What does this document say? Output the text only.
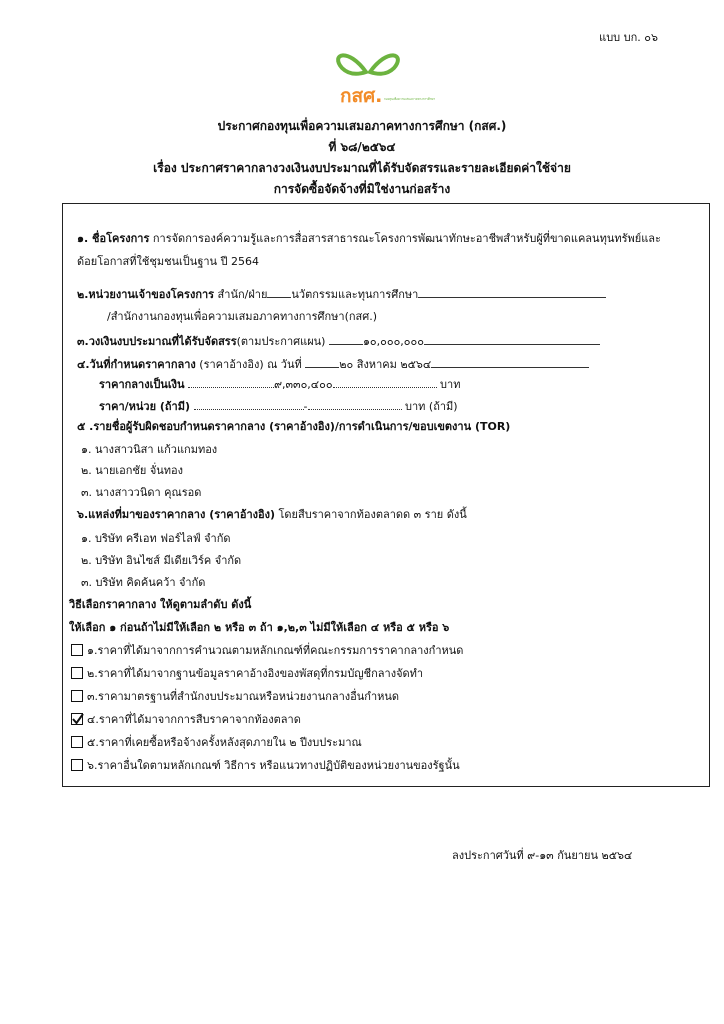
แบบ บก. ๐๖
กสศ. กองทุนเพื่อความเสมอภาคทางการศึกษา
ประกาศกองทุนเพื่อความเสมอภาคทางการศึกษา (กสศ.)
ที่ ๖๘/๒๕๖๔
เรื่อง ประกาศราคากลางวงเงินงบประมาณที่ได้รับจัดสรรและรายละเอียดค่าใช้จ่าย
การจัดซื้อจัดจ้างที่มิใช่งานก่อสร้าง
๑. ชื่อโครงการ การจัดการองค์ความรู้และการสื่อสารสาธารณะโครงการพัฒนาทักษะอาชีพสำหรับผู้ที่ขาดแคลนทุนทรัพย์และ
ด้อยโอกาสที่ใช้ชุมชนเป็นฐาน ปี 2564
๒.หน่วยงานเจ้าของโครงการ สำนัก/ฝ่าย นวัตกรรมและทุนการศึกษา
/สำนักงานกองทุนเพื่อความเสมอภาคทางการศึกษา(กสศ.)
๓.วงเงินงบประมาณที่ได้รับจัดสรร(ตามประกาศแผน)	๑๐,๐๐๐,๐๐๐
๔.วันที่กำหนดราคากลาง (ราคาอ้างอิง) ณ วันที่	๒๐ สิงหาคม ๒๕๖๔
ราคากลางเป็นเงิน	๙,๓๓๐,๔๐๐	บาท
ราคา/หน่วย (ถ้ามี)	-	บาท (ถ้ามี)
๕ .รายชื่อผู้รับผิดชอบกำหนดราคากลาง (ราคาอ้างอิง)/การดำเนินการ/ขอบเขตงาน (TOR)
๑. นางสาวนิสา แก้วแกมทอง
๒. นายเอกชัย จั่นทอง
๓. นางสาววนิดา คุณรอด
๖.แหล่งที่มาของราคากลาง (ราคาอ้างอิง) โดยสืบราคาจากท้องตลาดด ๓ ราย ดังนี้
๑. บริษัท ครีเอท ฟอร์ไลฟ์ จำกัด
๒. บริษัท อินไซส์ มีเดียเวิร์ค จำกัด
๓. บริษัท คิดค้นคว้า จำกัด
วิธีเลือกราคากลาง ให้ดูตามลำดับ ดังนี้
ให้เลือก ๑ ก่อนถ้าไม่มีให้เลือก ๒ หรือ ๓ ถ้า ๑,๒,๓ ไม่มีให้เลือก ๔ หรือ ๕ หรือ ๖
๑.ราคาที่ได้มาจากการคำนวณตามหลักเกณฑ์ที่คณะกรรมการราคากลางกำหนด
๒.ราคาที่ได้มาจากฐานข้อมูลราคาอ้างอิงของพัสดุที่กรมบัญชีกลางจัดทำ
๓.ราคามาตรฐานที่สำนักงบประมาณหรือหน่วยงานกลางอื่นกำหนด
๔.ราคาที่ได้มาจากการสืบราคาจากท้องตลาด
๕.ราคาที่เคยซื้อหรือจ้างครั้งหลังสุดภายใน ๒ ปีงบประมาณ
๖.ราคาอื่นใดตามหลักเกณฑ์ วิธีการ หรือแนวทางปฏิบัติของหน่วยงานของรัฐนั้น
ลงประกาศวันที่ ๙-๑๓ กันยายน ๒๕๖๔
